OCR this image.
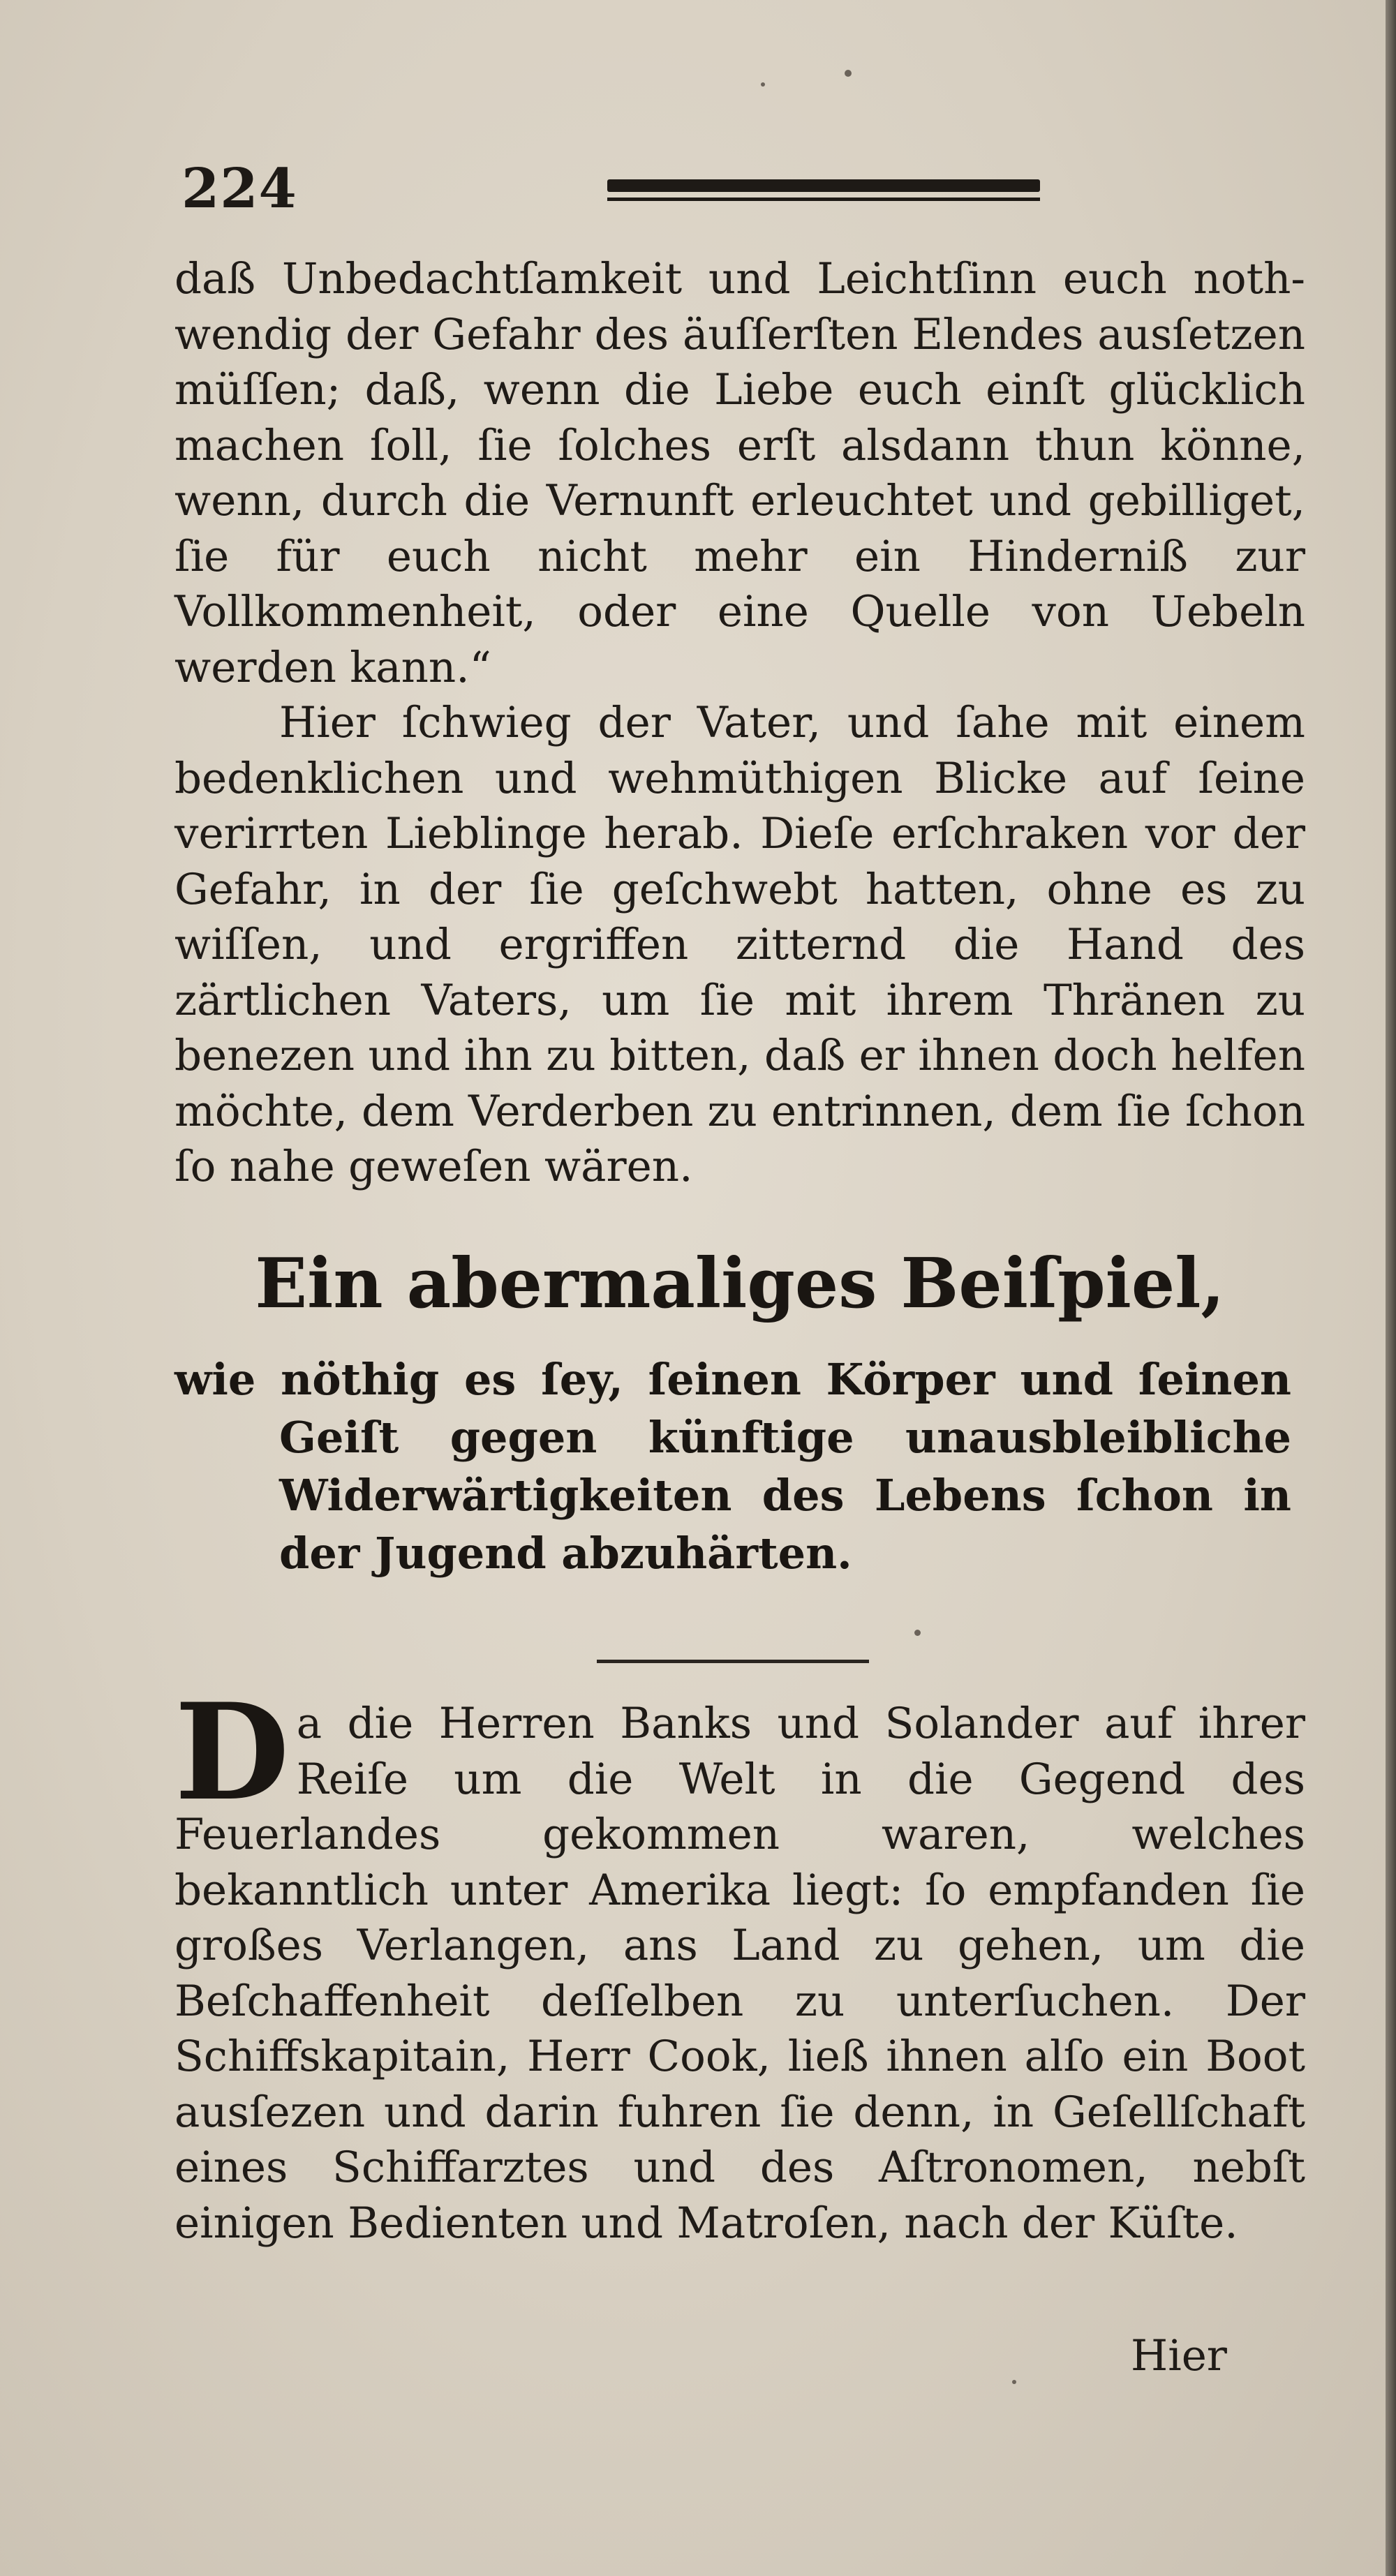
224

daß Unbedachtſamkeit und Leichtſinn euch noth-wendig der Gefahr des äuſſerſten Elendes ausſetzen müſſen; daß, wenn die Liebe euch einſt glücklich machen ſoll, ſie ſolches erſt alsdann thun könne, wenn, durch die Vernunft erleuchtet und gebilliget, ſie für euch nicht mehr ein Hinderniß zur Vollkommenheit, oder eine Quelle von Uebeln werden kann.“

Hier ſchwieg der Vater, und ſahe mit einem bedenklichen und wehmüthigen Blicke auf ſeine verirrten Lieblinge herab. Dieſe erſchraken vor der Gefahr, in der ſie geſchwebt hatten, ohne es zu wiſſen, und ergriffen zitternd die Hand des zärtlichen Vaters, um ſie mit ihrem Thränen zu benezen und ihn zu bitten, daß er ihnen doch helfen möchte, dem Verderben zu entrinnen, dem ſie ſchon ſo nahe geweſen wären.

Ein abermaliges Beiſpiel,
wie nöthig es ſey, ſeinen Körper und ſeinen Geiſt gegen künftige unausbleibliche Widerwärtigkeiten des Lebens ſchon in der Jugend abzuhärten.

Da die Herren Banks und Solander auf ihrer Reiſe um die Welt in die Gegend des Feuerlandes gekommen waren, welches bekanntlich unter Amerika liegt: ſo empfanden ſie großes Verlangen, ans Land zu gehen, um die Beſchaffenheit deſſelben zu unterſuchen. Der Schiffskapitain, Herr Cook, ließ ihnen alſo ein Boot ausſezen und darin fuhren ſie denn, in Geſellſchaft eines Schiffarztes und des Aſtronomen, nebſt einigen Bedienten und Matroſen, nach der Küſte.

Hier
